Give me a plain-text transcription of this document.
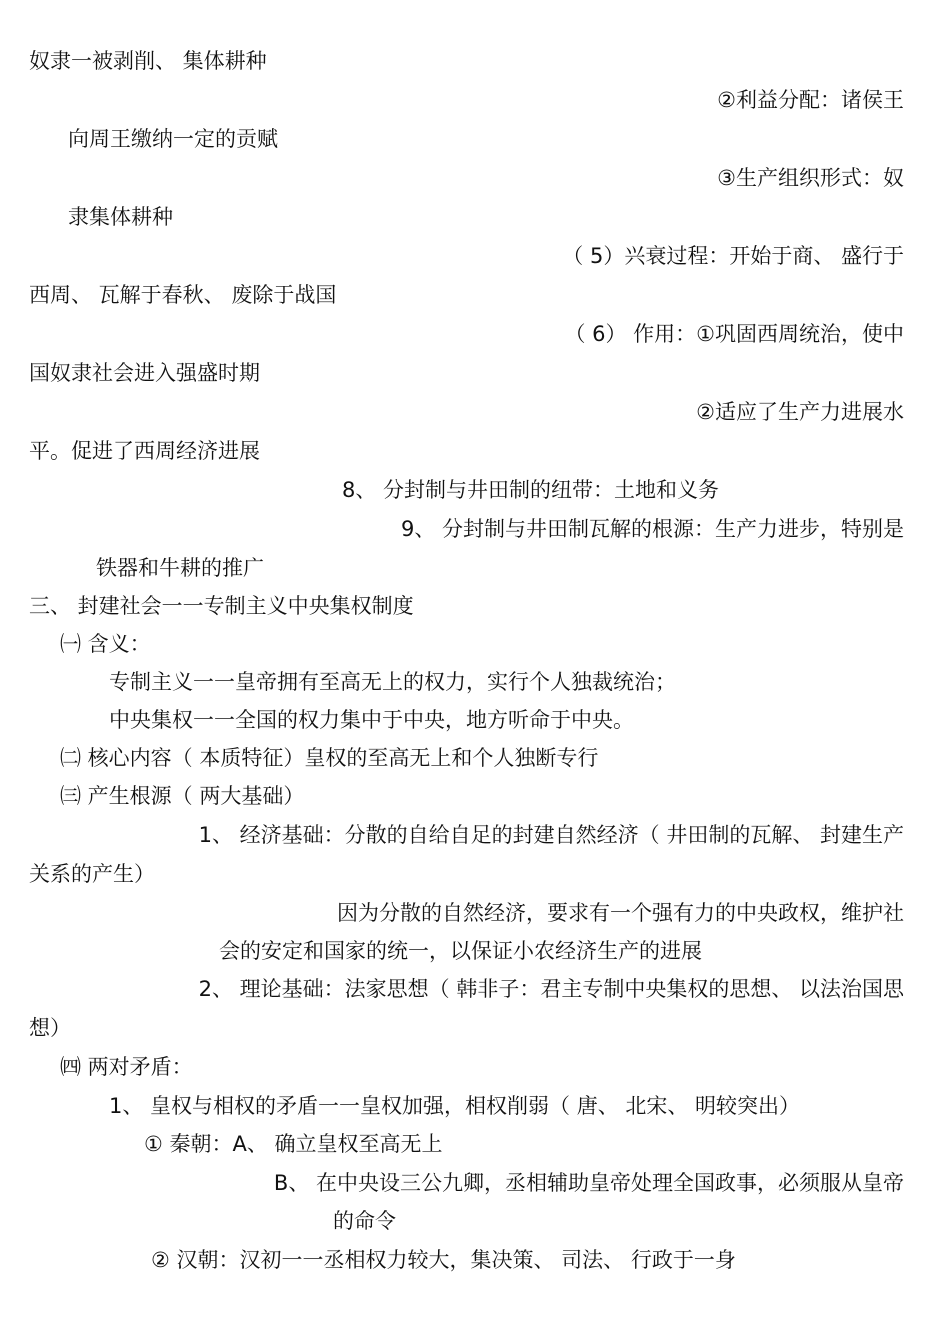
奴隶一被剥削、 集体耕种
②利益分配：诸侯王
向周王缴纳一定的贡赋
③生产组织形式：奴
隶集体耕种
（ 5）兴衰过程：开始于商、 盛行于
西周、 瓦解于春秋、 废除于战国
（ 6） 作用：①巩固西周统治，使中
国奴隶社会进入强盛时期
②适应了生产力进展水
平。促进了西周经济进展
8、 分封制与井田制的纽带：土地和义务
9、 分封制与井田制瓦解的根源：生产力进步，特别是
铁器和牛耕的推广
三、 封建社会一一专制主义中央集权制度
㈠ 含义：
专制主义一一皇帝拥有至高无上的权力，实行个人独裁统治；
中央集权一一全国的权力集中于中央，地方听命于中央。
㈡ 核心内容（ 本质特征）皇权的至高无上和个人独断专行
㈢ 产生根源（ 两大基础）
1、 经济基础：分散的自给自足的封建自然经济（ 井田制的瓦解、 封建生产
关系的产生）
因为分散的自然经济，要求有一个强有力的中央政权，维护社
会的安定和国家的统一，以保证小农经济生产的进展
2、 理论基础：法家思想（ 韩非子：君主专制中央集权的思想、 以法治国思
想）
㈣ 两对矛盾：
1、 皇权与相权的矛盾一一皇权加强，相权削弱（ 唐、 北宋、 明较突出）
① 秦朝：A、 确立皇权至高无上
B、 在中央设三公九卿，丞相辅助皇帝处理全国政事，必须服从皇帝
的命令
② 汉朝：汉初一一丞相权力较大，集决策、 司法、 行政于一身
